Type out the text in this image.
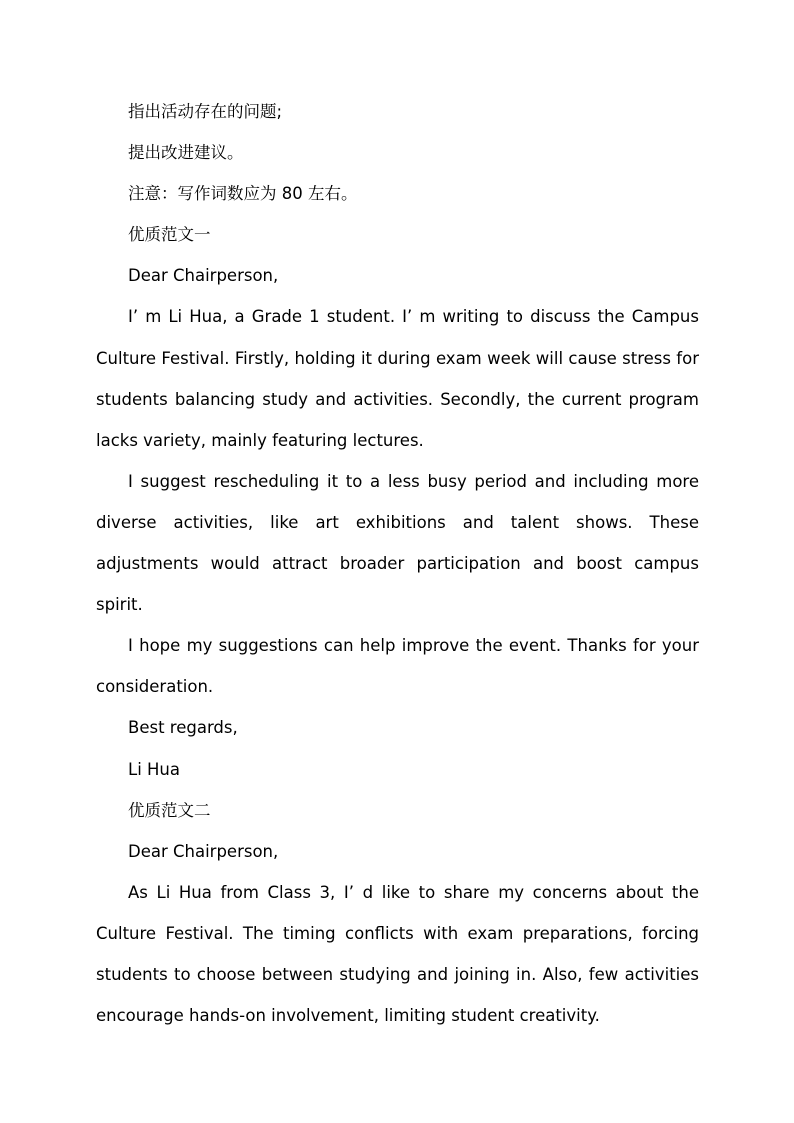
指出活动存在的问题;

提出改进建议。

注意：写作词数应为 80 左右。

优质范文一

Dear Chairperson,

I’ m Li Hua, a Grade 1 student. I’ m writing to discuss the Campus Culture Festival. Firstly, holding it during exam week will cause stress for students balancing study and activities. Secondly, the current program lacks variety, mainly featuring lectures.

I suggest rescheduling it to a less busy period and including more diverse activities, like art exhibitions and talent shows. These adjustments would attract broader participation and boost campus spirit.

I hope my suggestions can help improve the event. Thanks for your consideration.

Best regards,

Li Hua

优质范文二

Dear Chairperson,

As Li Hua from Class 3, I’ d like to share my concerns about the Culture Festival. The timing conflicts with exam preparations, forcing students to choose between studying and joining in. Also, few activities encourage hands-on involvement, limiting student creativity.
